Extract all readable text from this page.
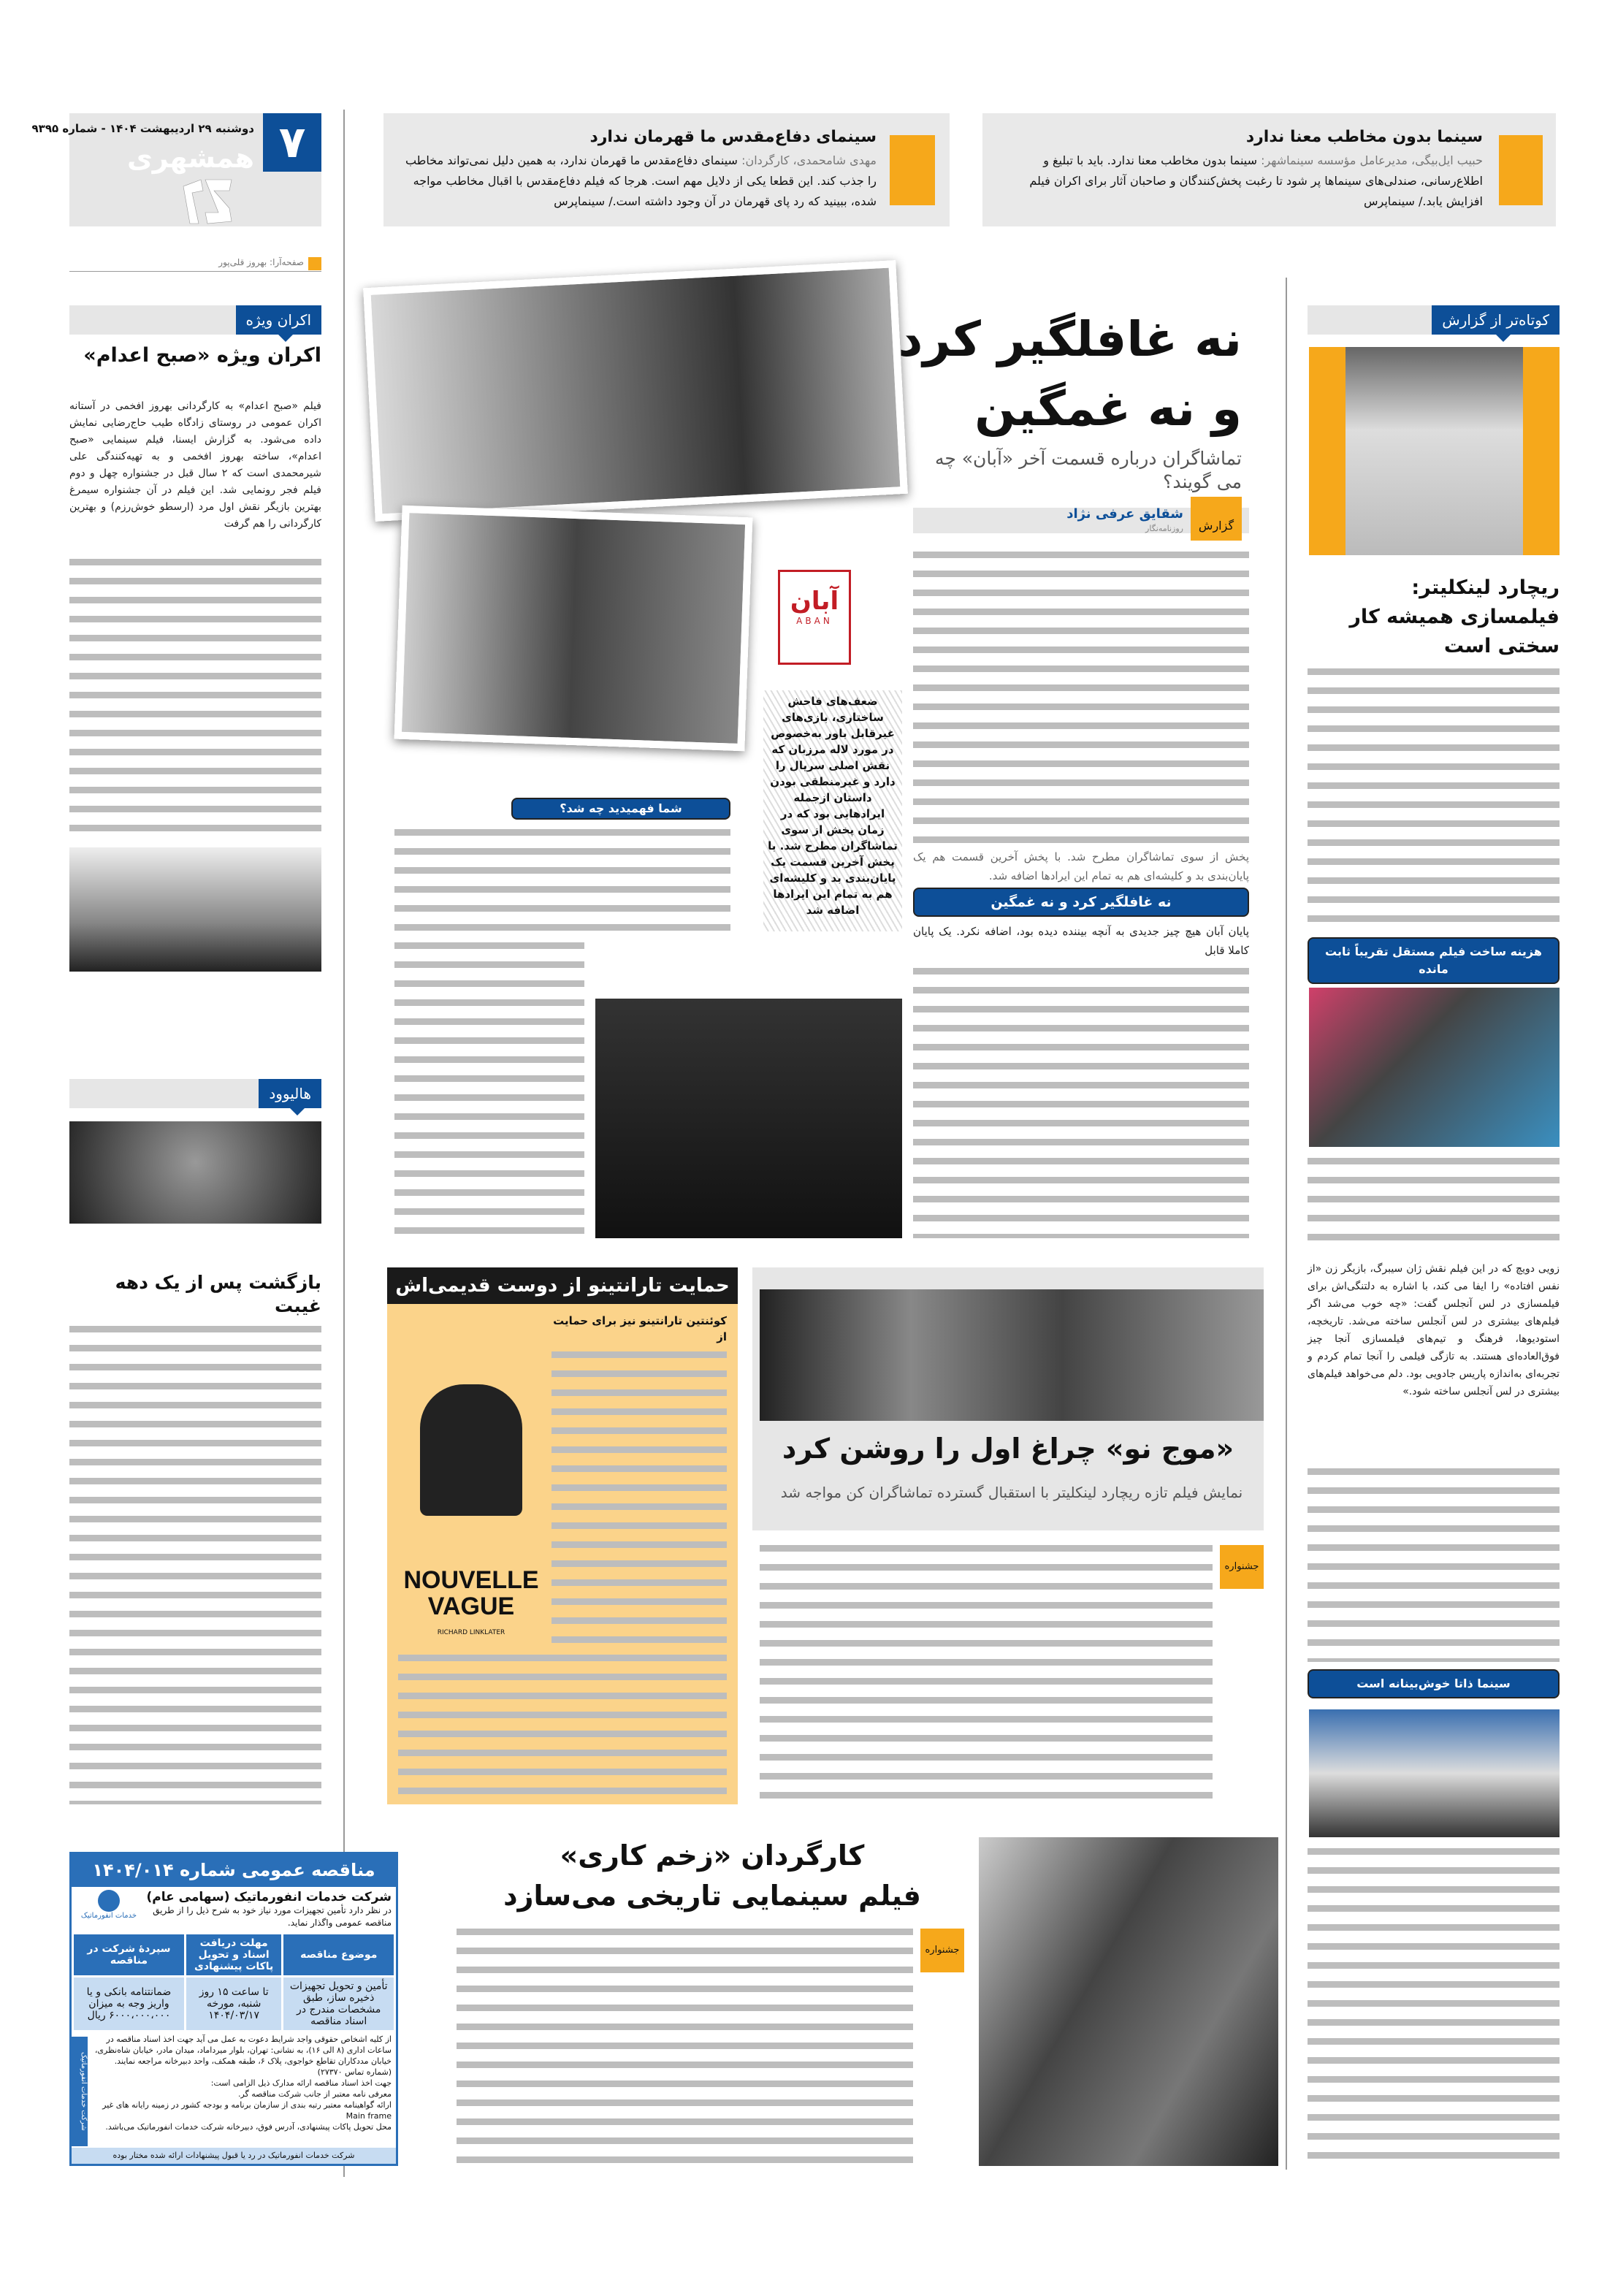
۷
دوشنبه ۲۹ اردیبهشت ۱۴۰۴ - شماره ۹۳۹۵
همشهری
صفحه‌آرا: بهروز قلی‌پور
سینما بدون مخاطب معنا ندارد

حبیب ایل‌بیگی، مدیرعامل مؤسسه سینماشهر: سینما بدون مخاطب معنا ندارد. باید با تبلیغ و اطلاع‌رسانی، صندلی‌های سینماها پر شود تا رغبت پخش‌کنندگان و صاحبان آثار برای اکران فیلم افزایش یابد./ سینماپرس

سینمای دفاع‌مقدس ما قهرمان ندارد

مهدی شامحمدی، کارگردان: سینمای دفاع‌مقدس ما قهرمان ندارد، به همین دلیل نمی‌تواند مخاطب را جذب کند. این قطعا یکی از دلایل مهم است. هرجا که فیلم دفاع‌مقدس با اقبال مخاطب مواجه شده، ببینید که رد پای قهرمان در آن وجود داشته است./ سینماپرس

اکران ویژه
اکران ویژه «صبح اعدام»
فیلم «صبح اعدام» به کارگردانی بهروز افخمی در آستانه اکران عمومی در روستای زادگاه طیب حاج‌رضایی نمایش داده می‌شود. به گزارش ایسنا، فیلم سینمایی «صبح اعدام»، ساخته بهروز افخمی و به تهیه‌کنندگی علی شیرمحمدی است که ۲ سال قبل در جشنواره چهل و دوم فیلم فجر رونمایی شد. این فیلم در آن جشنواره سیمرغ بهترین بازیگر نقش اول مرد (ارسطو خوش‌رزم) و بهترین کارگردانی را هم گرفت
هالیوود
بازگشت پس از یک دهه غیبت
مناقصه عمومی شماره ۱۴۰۴/۰۱۴
شرکت خدمات انفورماتیک (سهامی عام)
در نظر دارد تأمین تجهیزات مورد نیاز خود به شرح ذیل را از طریق مناقصه عمومی واگذار نماید.
خدمات انفورماتیک
موضوع مناقصه	مهلت دریافت اسناد و تحویل پاکات پیشنهادی	سپردهٔ شرکت در مناقصه
تأمین و تحویل تجهیزات ذخیره ساز، طبق مشخصات مندرج در اسناد مناقصه	تا ساعت ۱۵ روز شنبه، مورخه ۱۴۰۴/۰۳/۱۷	ضمانتنامه بانکی و یا واریز وجه به میزان ۶۰۰۰،۰۰۰،۰۰۰ ریال
از کلیه اشخاص حقوقی واجد شرایط دعوت به عمل می آید جهت اخذ اسناد مناقصه در ساعات اداری (۸ الی ۱۶)، به نشانی: تهران، بلوار میرداماد، میدان مادر، خیابان شاه‌نظری، خیابان مددکاران تقاطع خواجوی، پلاک ۶، طبقه همکف، واحد دبیرخانه مراجعه نمایند. (شماره تماس ۲۷۳۷۰)
جهت اخذ اسناد مناقصه ارائه مدارک ذیل الزامی است:
معرفی نامه معتبر از جانب شرکت مناقصه گر.
ارائه گواهینامه معتبر رتبه بندی از سازمان برنامه و بودجه کشور در زمینه رایانه های غیر Main frame
محل تحویل پاکات پیشنهادی، آدرس فوق، دبیرخانه شرکت خدمات انفورماتیک می‌باشد.
شرکت خدمات انفورماتیک در رد یا قبول پیشنهادات ارائه شده مختار بوده
شرکت خدمات انفورماتیک
آبان
ABAN
نه غافلگیر کرد
و نه غمگین
تماشاگران درباره قسمت آخر «آبان» چه می گویند؟
گزارش
شقایق عرفی نژاد
روزنامه‌نگار
پخش از سوی تماشاگران مطرح شد. با پخش آخرین قسمت هم یک پایان‌بندی بد و کلیشه‌ای هم به تمام این ایرادها اضافه شد.
ضعف‌های فاحش ساختاری، بازی‌های غیرقابل باور به‌خصوص در مورد لاله مرزبان که نقش اصلی سریال را دارد و غیرمنطقی بودن داستان ازجمله ایرادهایی بود که در زمان پخش از سوی تماشاگران مطرح شد. با پخش آخرین قسمت یک پایان‌بندی بد و کلیشه‌ای هم به تمام این ایرادها اضافه شد	نه غافلگیر کرد و نه غمگین
پایان آبان هیچ چیز جدیدی به آنچه بیننده دیده بود، اضافه نکرد. یک پایان کاملا قابل
شما فهمیدید چه شد؟
کوتاه‌تر از گزارش
ریچارد لینکلیتر: فیلمسازی همیشه کار سختی است
هزینه ساخت فیلم مستقل تقریباً ثابت مانده
زویی دویچ که در این فیلم نقش ژان سیبرگ، بازیگر زن «از نفس افتاده» را ایفا می کند، با اشاره به دلتنگی‌اش برای فیلمسازی در لس آنجلس گفت: «چه خوب می‌شد اگر فیلم‌های بیشتری در لس آنجلس ساخته می‌شد. تاریخچه، استودیوها، فرهنگ و تیم‌های فیلمسازی آنجا چیز فوق‌العاده‌ای هستند. به تازگی فیلمی را آنجا تمام کردم و تجربه‌ای به‌اندازه پاریس جادویی بود. دلم می‌خواهد فیلم‌های بیشتری در لس آنجلس ساخته شود.»
سینما ذاتا خوش‌بینانه است
حمایت تارانتینو از دوست قدیمی‌اش
کوئنتین تارانتینو نیز برای حمایت از
NOUVELLE VAGUE
RICHARD LINKLATER
«موج نو» چراغ اول را روشن کرد
نمایش فیلم تازه ریچارد لینکلیتر با استقبال گسترده تماشاگران کن مواجه شد
جشنواره
کارگردان «زخم کاری»
فیلم سینمایی تاریخی می‌سازد
جشنواره
